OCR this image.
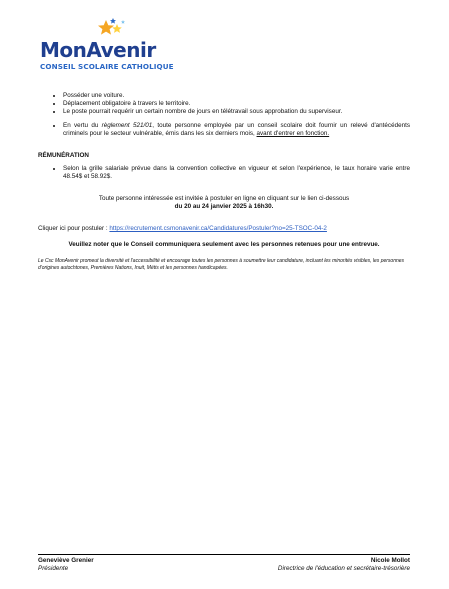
MonAvenir
CONSEIL SCOLAIRE CATHOLIQUE
• Posséder une voiture.
• Déplacement obligatoire à travers le territoire.
• Le poste pourrait requérir un certain nombre de jours en télétravail sous approbation du superviseur.
• En vertu du règlement 521/01, toute personne employée par un conseil scolaire doit fournir un relevé d'antécédents criminels pour le secteur vulnérable, émis dans les six derniers mois, avant d'entrer en fonction.
RÉMUNÉRATION
• Selon la grille salariale prévue dans la convention collective en vigueur et selon l'expérience, le taux horaire varie entre 48.54$ et 58.92$.
Toute personne intéressée est invitée à postuler en ligne en cliquant sur le lien ci-dessous
du 20 au 24 janvier 2025 à 16h30.
Cliquer ici pour postuler : https://recrutement.csmonavenir.ca/Candidatures/Postuler?no=25-TSOC-04-2
Veuillez noter que le Conseil communiquera seulement avec les personnes retenues pour une entrevue.
Le Csc MonAvenir promeut la diversité et l'accessibilité et encourage toutes les personnes à soumettre leur candidature, incluant les minorités visibles, les personnes d'origines autochtones, Premières Nations, Inuit, Métis et les personnes handicapées.
Geneviève Grenier
Présidente
Nicole Mollot
Directrice de l'éducation et secrétaire-trésorière
